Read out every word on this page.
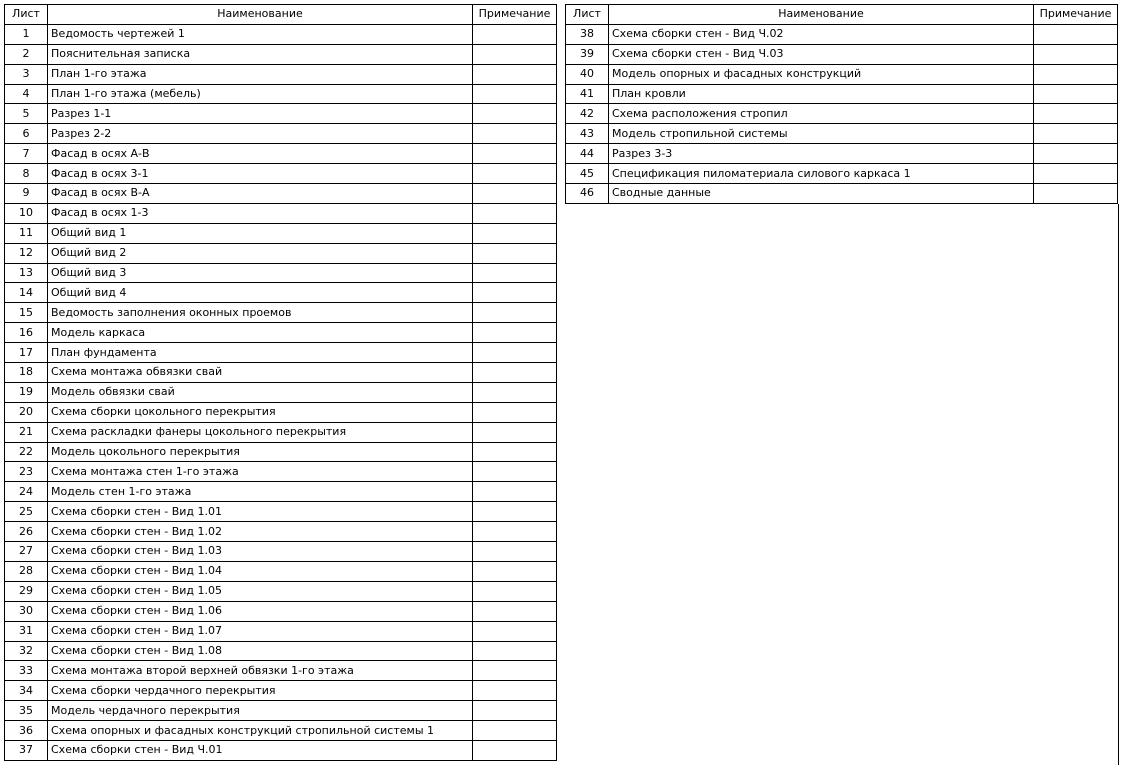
Лист	Наименование	Примечание
1	Ведомость чертежей 1	
2	Пояснительная записка	
3	План 1-го этажа	
4	План 1-го этажа (мебель)	
5	Разрез 1-1	
6	Разрез 2-2	
7	Фасад в осях А-В	
8	Фасад в осях 3-1	
9	Фасад в осях В-А	
10	Фасад в осях 1-3	
11	Общий вид 1	
12	Общий вид 2	
13	Общий вид 3	
14	Общий вид 4	
15	Ведомость заполнения оконных проемов	
16	Модель каркаса	
17	План фундамента	
18	Схема монтажа обвязки свай	
19	Модель обвязки свай	
20	Схема сборки цокольного перекрытия	
21	Схема раскладки фанеры цокольного перекрытия	
22	Модель цокольного перекрытия	
23	Схема монтажа стен 1-го этажа	
24	Модель стен 1-го этажа	
25	Схема сборки стен - Вид 1.01	
26	Схема сборки стен - Вид 1.02	
27	Схема сборки стен - Вид 1.03	
28	Схема сборки стен - Вид 1.04	
29	Схема сборки стен - Вид 1.05	
30	Схема сборки стен - Вид 1.06	
31	Схема сборки стен - Вид 1.07	
32	Схема сборки стен - Вид 1.08	
33	Схема монтажа второй верхней обвязки 1-го этажа	
34	Схема сборки чердачного перекрытия	
35	Модель чердачного перекрытия	
36	Схема опорных и фасадных конструкций стропильной системы 1	
37	Схема сборки стен - Вид Ч.01	
Лист	Наименование	Примечание
38	Схема сборки стен - Вид Ч.02	
39	Схема сборки стен - Вид Ч.03	
40	Модель опорных и фасадных конструкций	
41	План кровли	
42	Схема расположения стропил	
43	Модель стропильной системы	
44	Разрез 3-3	
45	Спецификация пиломатериала силового каркаса 1	
46	Сводные данные	
